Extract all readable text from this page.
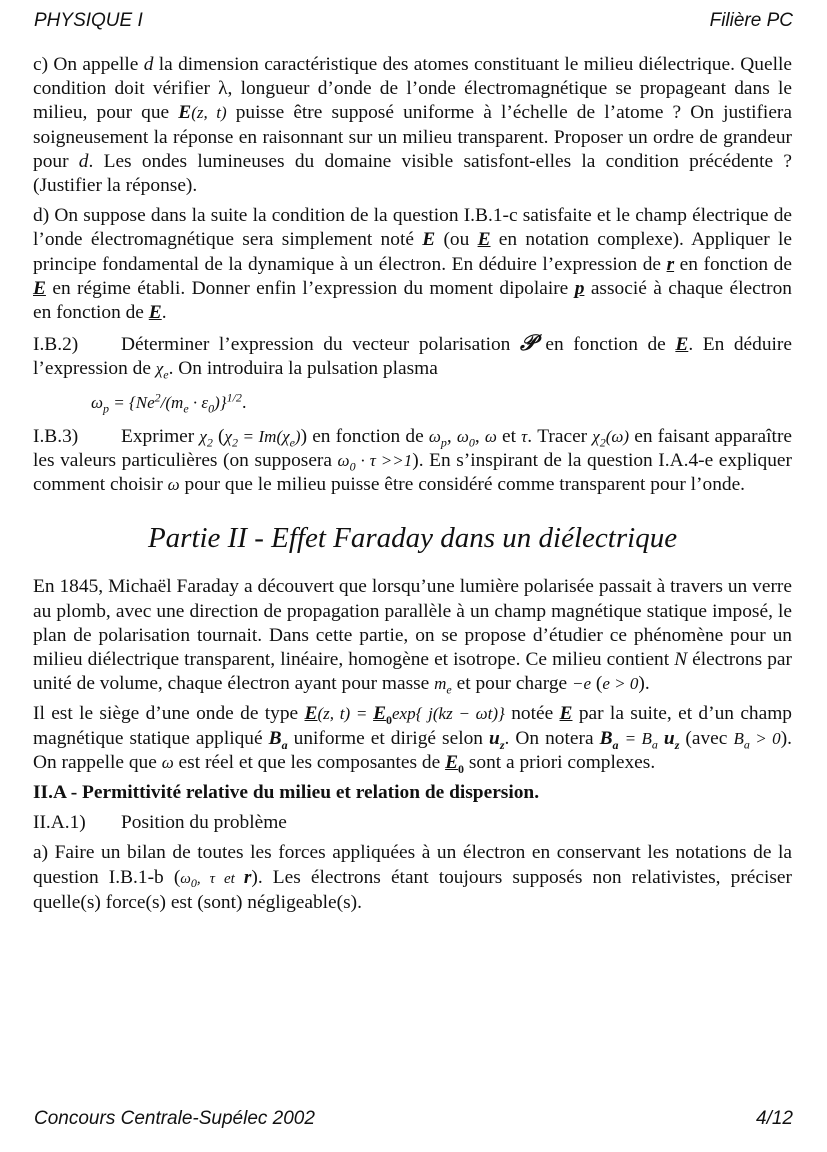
PHYSIQUE I	Filière PC

c) On appelle d la dimension caractéristique des atomes constituant le milieu diélectrique. Quelle condition doit vérifier λ, longueur d’onde de l’onde électromagnétique se propageant dans le milieu, pour que E(z, t) puisse être supposé uniforme à l’échelle de l’atome ? On justifiera soigneusement la réponse en raisonnant sur un milieu transparent. Proposer un ordre de grandeur pour d. Les ondes lumineuses du domaine visible satisfont-elles la condition précédente ? (Justifier la réponse).

d) On suppose dans la suite la condition de la question I.B.1-c satisfaite et le champ électrique de l’onde électromagnétique sera simplement noté E (ou E en notation complexe). Appliquer le principe fondamental de la dynamique à un électron. En déduire l’expression de r en fonction de E en régime établi. Donner enfin l’expression du moment dipolaire p associé à chaque électron en fonction de E.

I.B.2) Déterminer l’expression du vecteur polarisation 𝒫 en fonction de E. En déduire l’expression de $\chi_e$. On introduira la pulsation plasma

$\omega_p = \{Ne^2/(m_e \cdot \varepsilon_0)\}^{1/2}$.

I.B.3) Exprimer $\chi_2$ $(\chi_2 = Im(\chi_e))$ en fonction de $\omega_p$, $\omega_0$, ω et τ. Tracer $\chi_2(\omega)$ en faisant apparaître les valeurs particulières (on supposera $\omega_0 \cdot \tau >>1$). En s’inspirant de la question I.A.4-e expliquer comment choisir ω pour que le milieu puisse être considéré comme transparent pour l’onde.

Partie II - Effet Faraday dans un diélectrique

En 1845, Michaël Faraday a découvert que lorsqu’une lumière polarisée passait à travers un verre au plomb, avec une direction de propagation parallèle à un champ magnétique statique imposé, le plan de polarisation tournait. Dans cette partie, on se propose d’étudier ce phénomène pour un milieu diélectrique transparent, linéaire, homogène et isotrope. Ce milieu contient N électrons par unité de volume, chaque électron ayant pour masse $m_e$ et pour charge −e (e > 0).

Il est le siège d’une onde de type E(z, $t) = E_0\exp${ j(kz − ωt)} notée E par la suite, et d’un champ magnétique statique appliqué $B_a$ uniforme et dirigé selon $u_z$. On notera $B_a = B_a$ $u_z$ (avec $B_a > 0$). On rappelle que ω est réel et que les composantes de $E_0$ sont a priori complexes.

II.A - Permittivité relative du milieu et relation de dispersion.

II.A.1) Position du problème

a) Faire un bilan de toutes les forces appliquées à un électron en conservant les notations de la question I.B.1-b ($\omega_0$, τ et r). Les électrons étant toujours supposés non relativistes, préciser quelle(s) force(s) est (sont) négligeable(s).

Concours Centrale-Supélec 2002	4/12
